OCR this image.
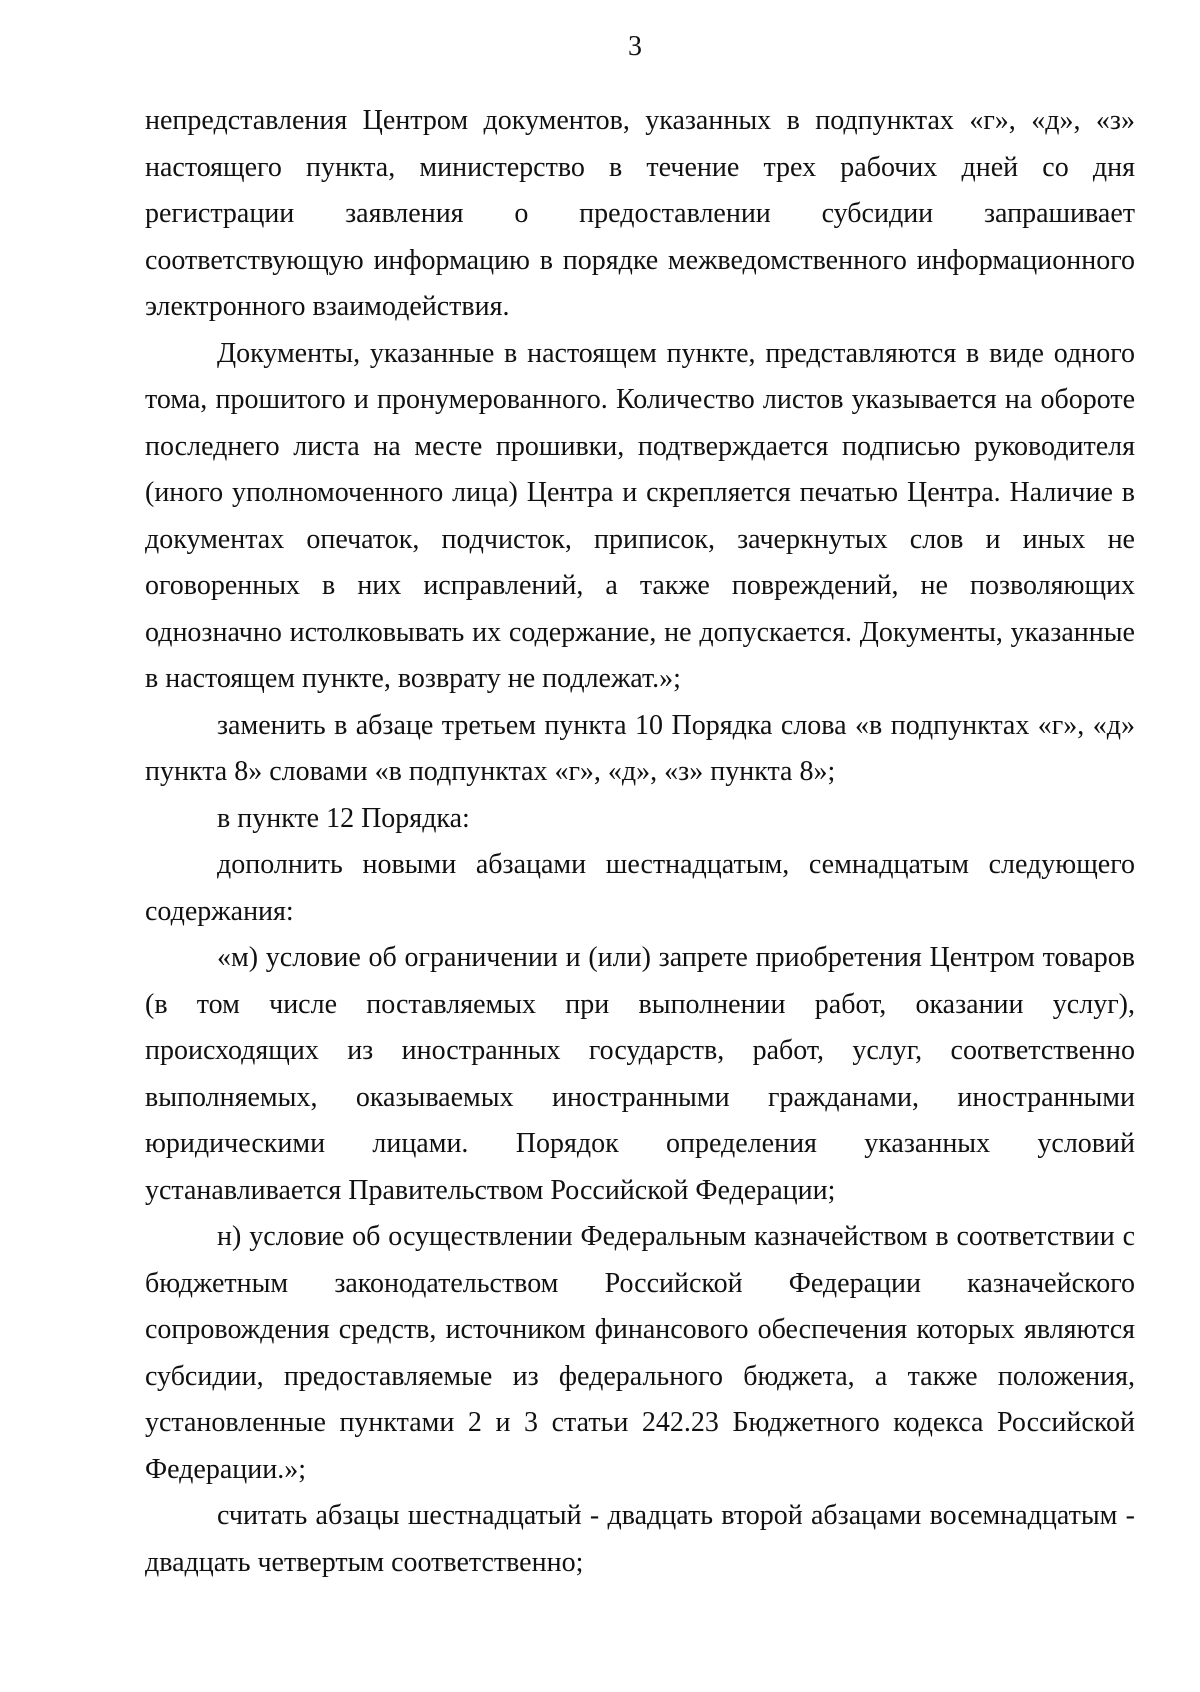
3

непредставления Центром документов, указанных в подпунктах «г», «д», «з» настоящего пункта, министерство в течение трех рабочих дней со дня регистрации заявления о предоставлении субсидии запрашивает соответствующую информацию в порядке межведомственного информационного электронного взаимодействия.

Документы, указанные в настоящем пункте, представляются в виде одного тома, прошитого и пронумерованного. Количество листов указывается на обороте последнего листа на месте прошивки, подтверждается подписью руководителя (иного уполномоченного лица) Центра и скрепляется печатью Центра. Наличие в документах опечаток, подчисток, приписок, зачеркнутых слов и иных не оговоренных в них исправлений, а также повреждений, не позволяющих однозначно истолковывать их содержание, не допускается. Документы, указанные в настоящем пункте, возврату не подлежат.»;

заменить в абзаце третьем пункта 10 Порядка слова «в подпунктах «г», «д» пункта 8» словами «в подпунктах «г», «д», «з» пункта 8»;

в пункте 12 Порядка:

дополнить новыми абзацами шестнадцатым, семнадцатым следующего содержания:

«м) условие об ограничении и (или) запрете приобретения Центром товаров (в том числе поставляемых при выполнении работ, оказании услуг), происходящих из иностранных государств, работ, услуг, соответственно выполняемых, оказываемых иностранными гражданами, иностранными юридическими лицами. Порядок определения указанных условий устанавливается Правительством Российской Федерации;

н) условие об осуществлении Федеральным казначейством в соответствии с бюджетным законодательством Российской Федерации казначейского сопровождения средств, источником финансового обеспечения которых являются субсидии, предоставляемые из федерального бюджета, а также положения, установленные пунктами 2 и 3 статьи 242.23 Бюджетного кодекса Российской Федерации.»;

считать абзацы шестнадцатый - двадцать второй абзацами восемнадцатым - двадцать четвертым соответственно;
